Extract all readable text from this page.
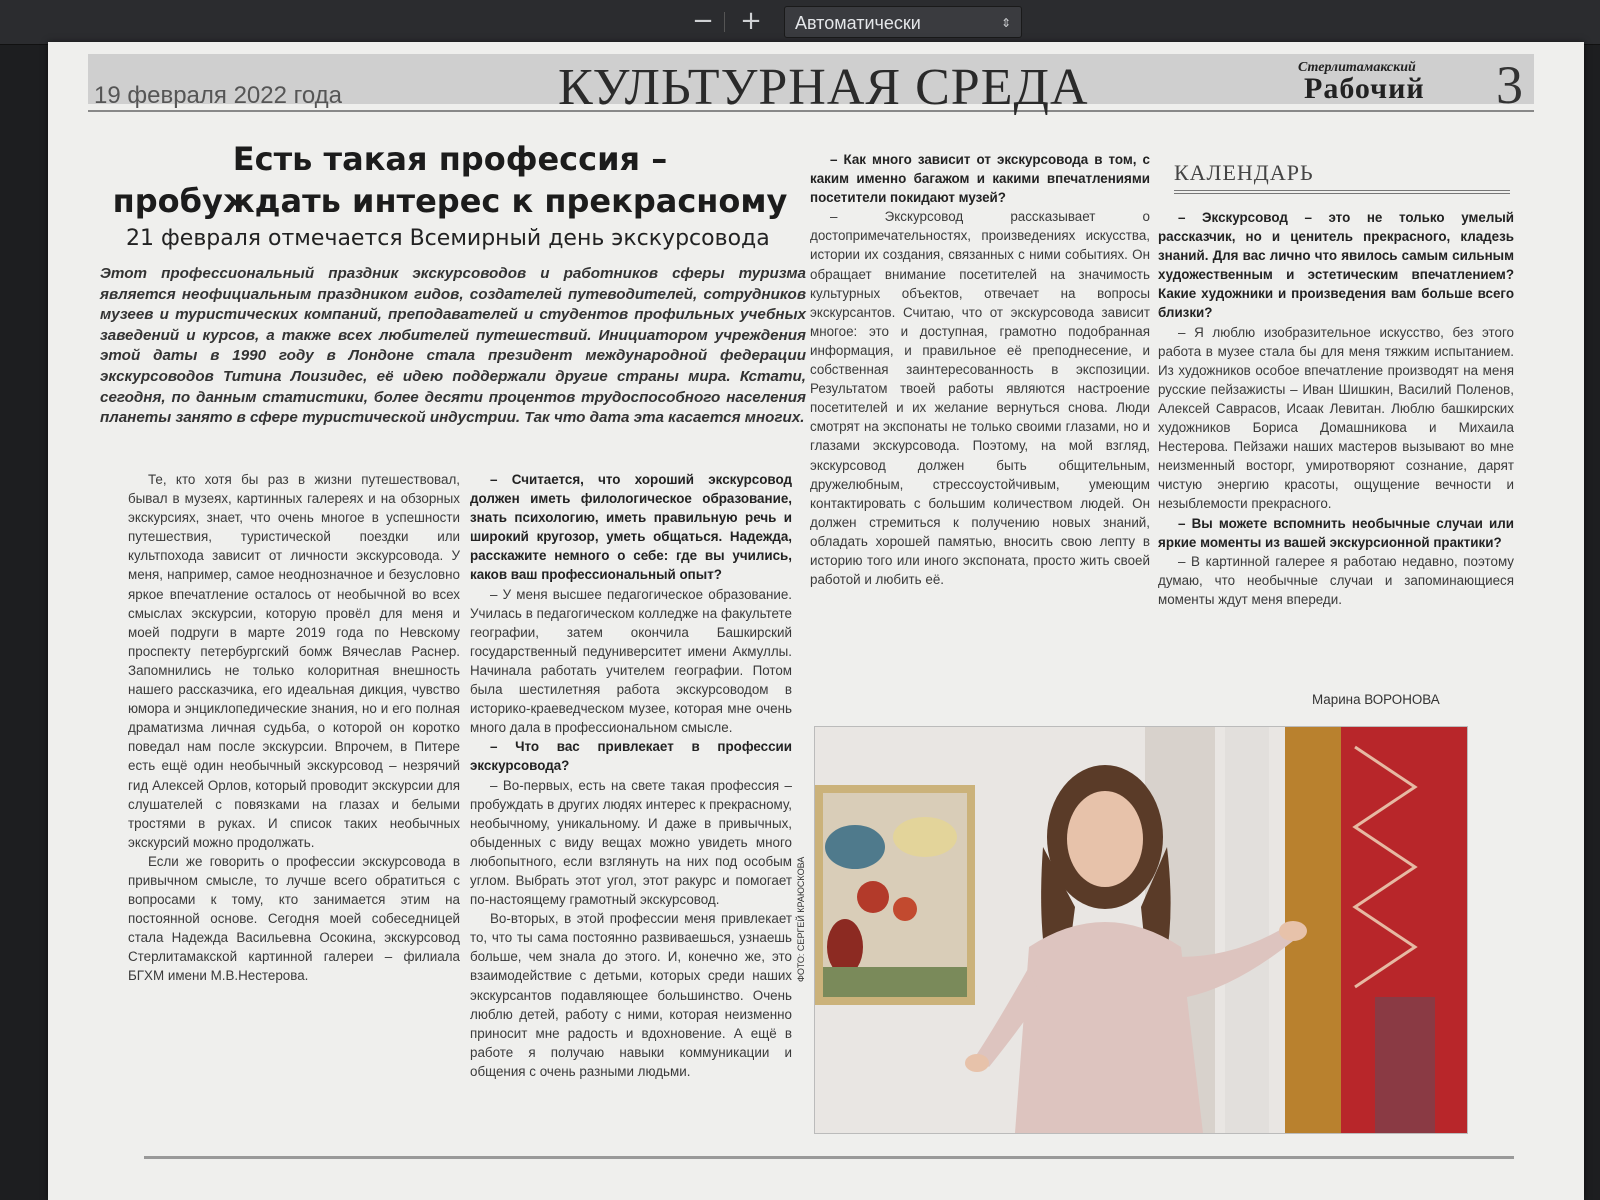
− +	Автоматически	⇕
19 февраля 2022 года	КУЛЬТУРНАЯ СРЕДА	Стерлитамакский
Рабочий 3
Есть такая профессия –
пробуждать интерес к прекрасному
21 февраля отмечается Всемирный день экскурсовода
Этот профессиональный праздник экскурсоводов и работников сферы туризма является неофициальным праздником гидов, создателей путеводителей, сотрудников музеев и туристических компаний, преподавателей и студентов профильных учебных заведений и курсов, а также всех любителей путешествий. Инициатором учреждения этой даты в 1990 году в Лондоне стала президент международной федерации экскурсоводов Титина Лоизидес, её идею поддержали другие страны мира. Кстати, сегодня, по данным статистики, более десяти процентов трудоспособного населения планеты занято в сфере туристической индустрии. Так что дата эта касается многих.

Те, кто хотя бы раз в жизни путешествовал, бывал в музеях, картинных галереях и на обзорных экскурсиях, знает, что очень многое в успешности путешествия, туристической поездки или культпохода зависит от личности экскурсовода. У меня, например, самое неоднозначное и безусловно яркое впечатление осталось от необычной во всех смыслах экскурсии, которую провёл для меня и моей подруги в марте 2019 года по Невскому проспекту петербургский бомж Вячеслав Раснер. Запомнились не только колоритная внешность нашего рассказчика, его идеальная дикция, чувство юмора и энциклопедические знания, но и его полная драматизма личная судьба, о которой он коротко поведал нам после экскурсии. Впрочем, в Питере есть ещё один необычный экскурсовод – незрячий гид Алексей Орлов, который проводит экскурсии для слушателей с повязками на глазах и белыми тростями в руках. И список таких необычных экскурсий можно продолжать.

Если же говорить о профессии экскурсовода в привычном смысле, то лучше всего обратиться с вопросами к тому, кто занимается этим на постоянной основе. Сегодня моей собеседницей стала Надежда Васильевна Осокина, экскурсовод Стерлитамакской картинной галереи – филиала БГХМ имени М.В.Нестерова.

– Считается, что хороший экскурсовод должен иметь филологическое образование, знать психологию, иметь правильную речь и широкий кругозор, уметь общаться. Надежда, расскажите немного о себе: где вы учились, каков ваш профессиональный опыт?

– У меня высшее педагогическое образование. Училась в педагогическом колледже на факультете географии, затем окончила Башкирский государственный педуниверситет имени Акмуллы. Начинала работать учителем географии. Потом была шестилетняя работа экскурсоводом в историко-краеведческом музее, которая мне очень много дала в профессиональном смысле.

– Что вас привлекает в профессии экскурсовода?

– Во-первых, есть на свете такая профессия – пробуждать в других людях интерес к прекрасному, необычному, уникальному. И даже в привычных, обыденных с виду вещах можно увидеть много любопытного, если взглянуть на них под особым углом. Выбрать этот угол, этот ракурс и помогает по-настоящему грамотный экскурсовод.

Во-вторых, в этой профессии меня привлекает то, что ты сама постоянно развиваешься, узнаешь больше, чем знала до этого. И, конечно же, это взаимодействие с детьми, которых среди наших экскурсантов подавляющее большинство. Очень люблю детей, работу с ними, которая неизменно приносит мне радость и вдохновение. А ещё в работе я получаю навыки коммуникации и общения с очень разными людьми.

– Как много зависит от экскурсовода в том, с каким именно багажом и какими впечатлениями посетители покидают музей?

– Экскурсовод рассказывает о достопримечательностях, произведениях искусства, истории их создания, связанных с ними событиях. Он обращает внимание посетителей на значимость культурных объектов, отвечает на вопросы экскурсантов. Считаю, что от экскурсовода зависит многое: это и доступная, грамотно подобранная информация, и правильное её преподнесение, и собственная заинтересованность в экспозиции. Результатом твоей работы являются настроение посетителей и их желание вернуться снова. Люди смотрят на экспонаты не только своими глазами, но и глазами экскурсовода. Поэтому, на мой взгляд, экскурсовод должен быть общительным, дружелюбным, стрессоустойчивым, умеющим контактировать с большим количеством людей. Он должен стремиться к получению новых знаний, обладать хорошей памятью, вносить свою лепту в историю того или иного экспоната, просто жить своей работой и любить её.

КАЛЕНДАРЬ

– Экскурсовод – это не только умелый рассказчик, но и ценитель прекрасного, кладезь знаний. Для вас лично что явилось самым сильным художественным и эстетическим впечатлением? Какие художники и произведения вам больше всего близки?

– Я люблю изобразительное искусство, без этого работа в музее стала бы для меня тяжким испытанием. Из художников особое впечатление производят на меня русские пейзажисты – Иван Шишкин, Василий Поленов, Алексей Саврасов, Исаак Левитан. Люблю башкирских художников Бориса Домашникова и Михаила Нестерова. Пейзажи наших мастеров вызывают во мне неизменный восторг, умиротворяют сознание, дарят чистую энергию красоты, ощущение вечности и незыблемости прекрасного.

– Вы можете вспомнить необычные случаи или яркие моменты из вашей экскурсионной практики?

– В картинной галерее я работаю недавно, поэтому думаю, что необычные случаи и запоминающиеся моменты ждут меня впереди.

Марина ВОРОНОВА
ФОТО: СЕРГЕЙ КРАЮСКОВА
